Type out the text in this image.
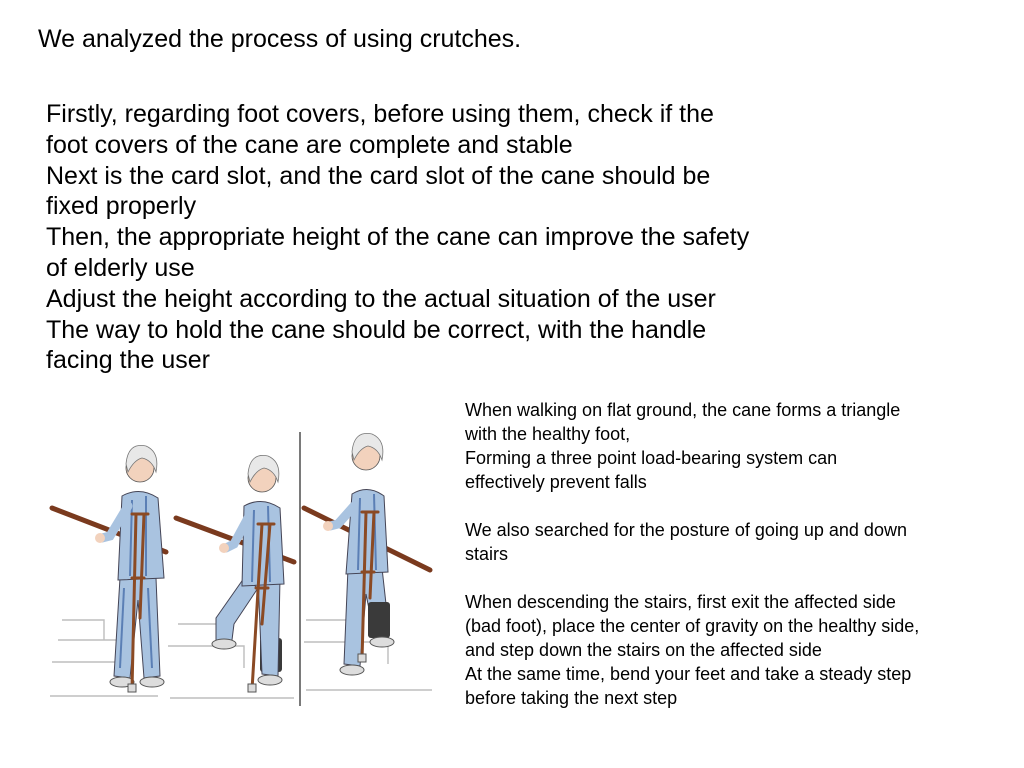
We analyzed the process of using crutches.
Firstly, regarding foot covers, before using them, check if the
foot covers of the cane are complete and stable
Next is the card slot, and the card slot of the cane should be
fixed properly
Then, the appropriate height of the cane can improve the safety
of elderly use
Adjust the height according to the actual situation of the user
The way to hold the cane should be correct, with the handle
facing the user
When walking on flat ground, the cane forms a triangle
with the healthy foot,
Forming a three point load-bearing system can
effectively prevent falls
We also searched for the posture of going up and down
stairs
When descending the stairs, first exit the affected side
(bad foot), place the center of gravity on the healthy side,
and step down the stairs on the affected side
At the same time, bend your feet and take a steady step
before taking the next step
